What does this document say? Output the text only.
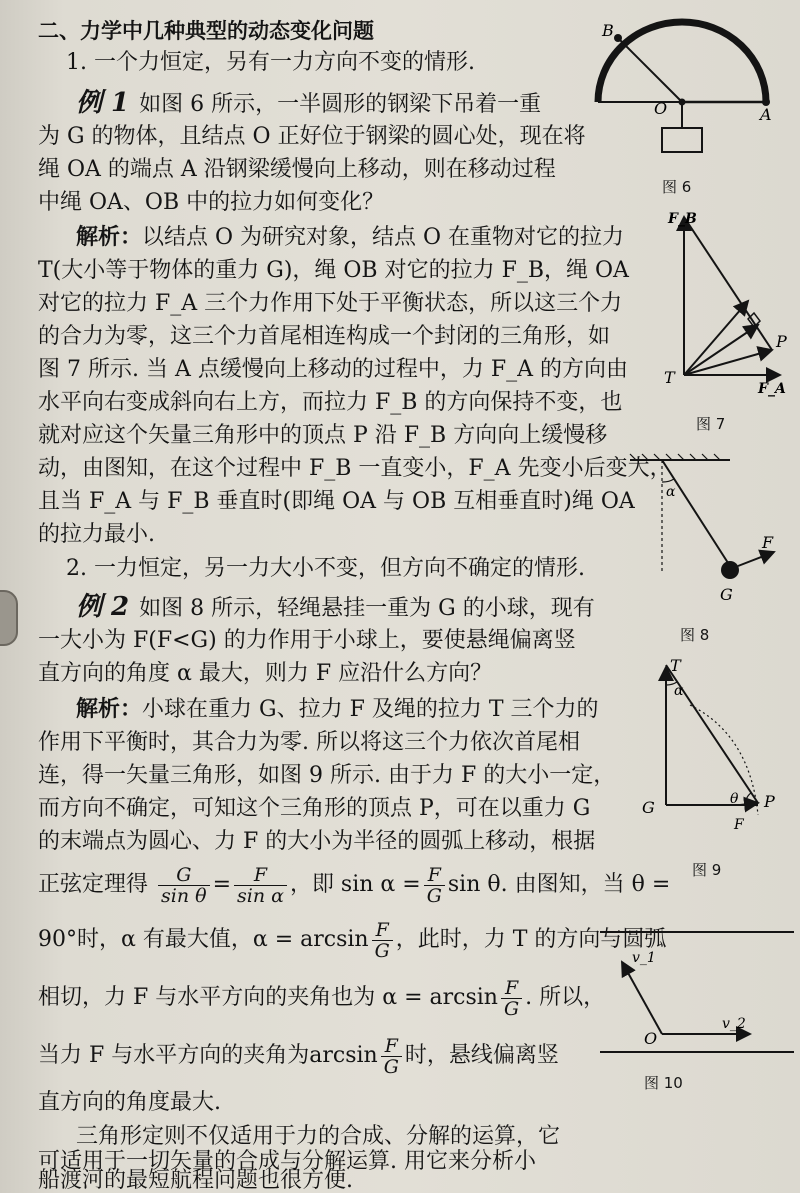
二、力学中几种典型的动态变化问题
1. 一个力恒定，另有一力方向不变的情形.
例 1 如图 6 所示，一半圆形的钢梁下吊着一重
为 G 的物体，且结点 O 正好位于钢梁的圆心处，现在将
绳 OA 的端点 A 沿钢梁缓慢向上移动，则在移动过程
中绳 OA、OB 中的拉力如何变化？
解析：以结点 O 为研究对象，结点 O 在重物对它的拉力
T(大小等于物体的重力 G)，绳 OB 对它的拉力 F_B，绳 OA
对它的拉力 F_A 三个力作用下处于平衡状态，所以这三个力
的合力为零，这三个力首尾相连构成一个封闭的三角形，如
图 7 所示. 当 A 点缓慢向上移动的过程中，力 F_A 的方向由
水平向右变成斜向右上方，而拉力 F_B 的方向保持不变，也
就对应这个矢量三角形中的顶点 P 沿 F_B 方向向上缓慢移
动，由图知，在这个过程中 F_B 一直变小，F_A 先变小后变大，
且当 F_A 与 F_B 垂直时(即绳 OA 与 OB 互相垂直时)绳 OA
的拉力最小.
2. 一力恒定，另一力大小不变，但方向不确定的情形.
例 2 如图 8 所示，轻绳悬挂一重为 G 的小球，现有
一大小为 F(F<G) 的力作用于小球上，要使悬绳偏离竖
直方向的角度 α 最大，则力 F 应沿什么方向？
解析：小球在重力 G、拉力 F 及绳的拉力 T 三个力的
作用下平衡时，其合力为零. 所以将这三个力依次首尾相
连，得一矢量三角形，如图 9 所示. 由于力 F 的大小一定，
而方向不确定，可知这个三角形的顶点 P，可在以重力 G
的末端点为圆心、力 F 的大小为半径的圆弧上移动，根据
正弦定理得 $\frac{G}{\text{sin θ}} = \frac{F}{\text{sin α}}$ ，即 $\sin \alpha = \frac{F}{G}$ sin θ. 由图知，当 θ =
90°时，α 有最大值，$\alpha = \arcsin \frac{F}{G}$ ，此时，力 T 的方向与圆弧
相切，力 F 与水平方向的夹角也为 $\alpha = \arcsin \frac{F}{G}$ . 所以，
当力 F 与水平方向的夹角为$\arcsin \frac{F}{G}$ 时，悬线偏离竖
直方向的角度最大.
三角形定则不仅适用于力的合成、分解的运算，它
可适用于一切矢量的合成与分解运算. 用它来分析小
船渡河的最短航程问题也很方便.
B
O	A
图 6
F_B
T
P
F_A
图 7
α
F
G
图 8
T
α
G	θ P
F
图 9
v_1
v_2
O
图 10
